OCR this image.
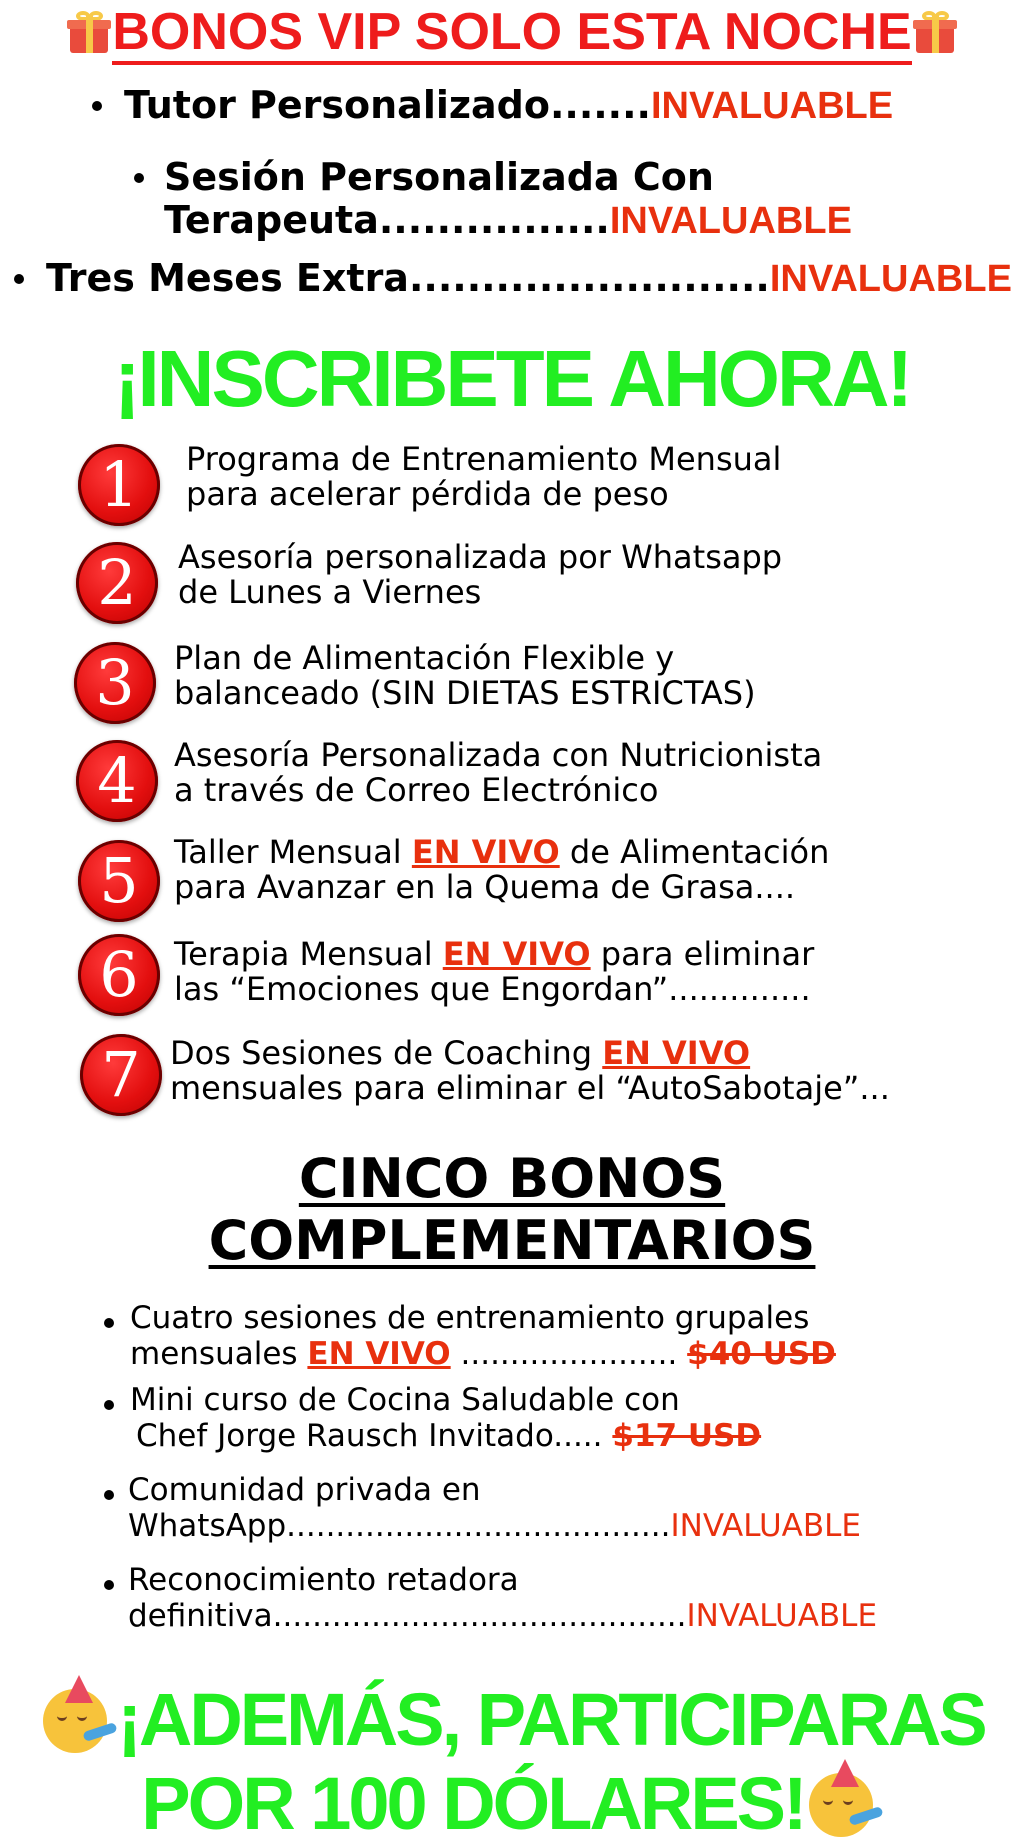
BONOS VIP SOLO ESTA NOCHE
Tutor Personalizado.......INVALUABLE
Sesión Personalizada Con
Terapeuta................INVALUABLE
Tres Meses Extra.........................INVALUABLE
¡INSCRIBETE AHORA!
1	Programa de Entrenamiento Mensual
para acelerar pérdida de peso
2	Asesoría personalizada por Whatsapp
de Lunes a Viernes
3	Plan de Alimentación Flexible y
balanceado (SIN DIETAS ESTRICTAS)
4	Asesoría Personalizada con Nutricionista
a través de Correo Electrónico
5	Taller Mensual EN VIVO de Alimentación
para Avanzar en la Quema de Grasa....
6	Terapia Mensual EN VIVO para eliminar
las “Emociones que Engordan”..............
7 Dos Sesiones de Coaching EN VIVO
mensuales para eliminar el “AutoSabotaje”...
CINCO BONOS
COMPLEMENTARIOS
Cuatro sesiones de entrenamiento grupales
mensuales EN VIVO ...................... $40 USD
Mini curso de Cocina Saludable con
Chef Jorge Rausch Invitado..... $17 USD
Comunidad privada en
WhatsApp.......................................INVALUABLE
Reconocimiento retadora
definitiva..........................................INVALUABLE
¡ADEMÁS, PARTICIPARAS
POR 100 DÓLARES!
